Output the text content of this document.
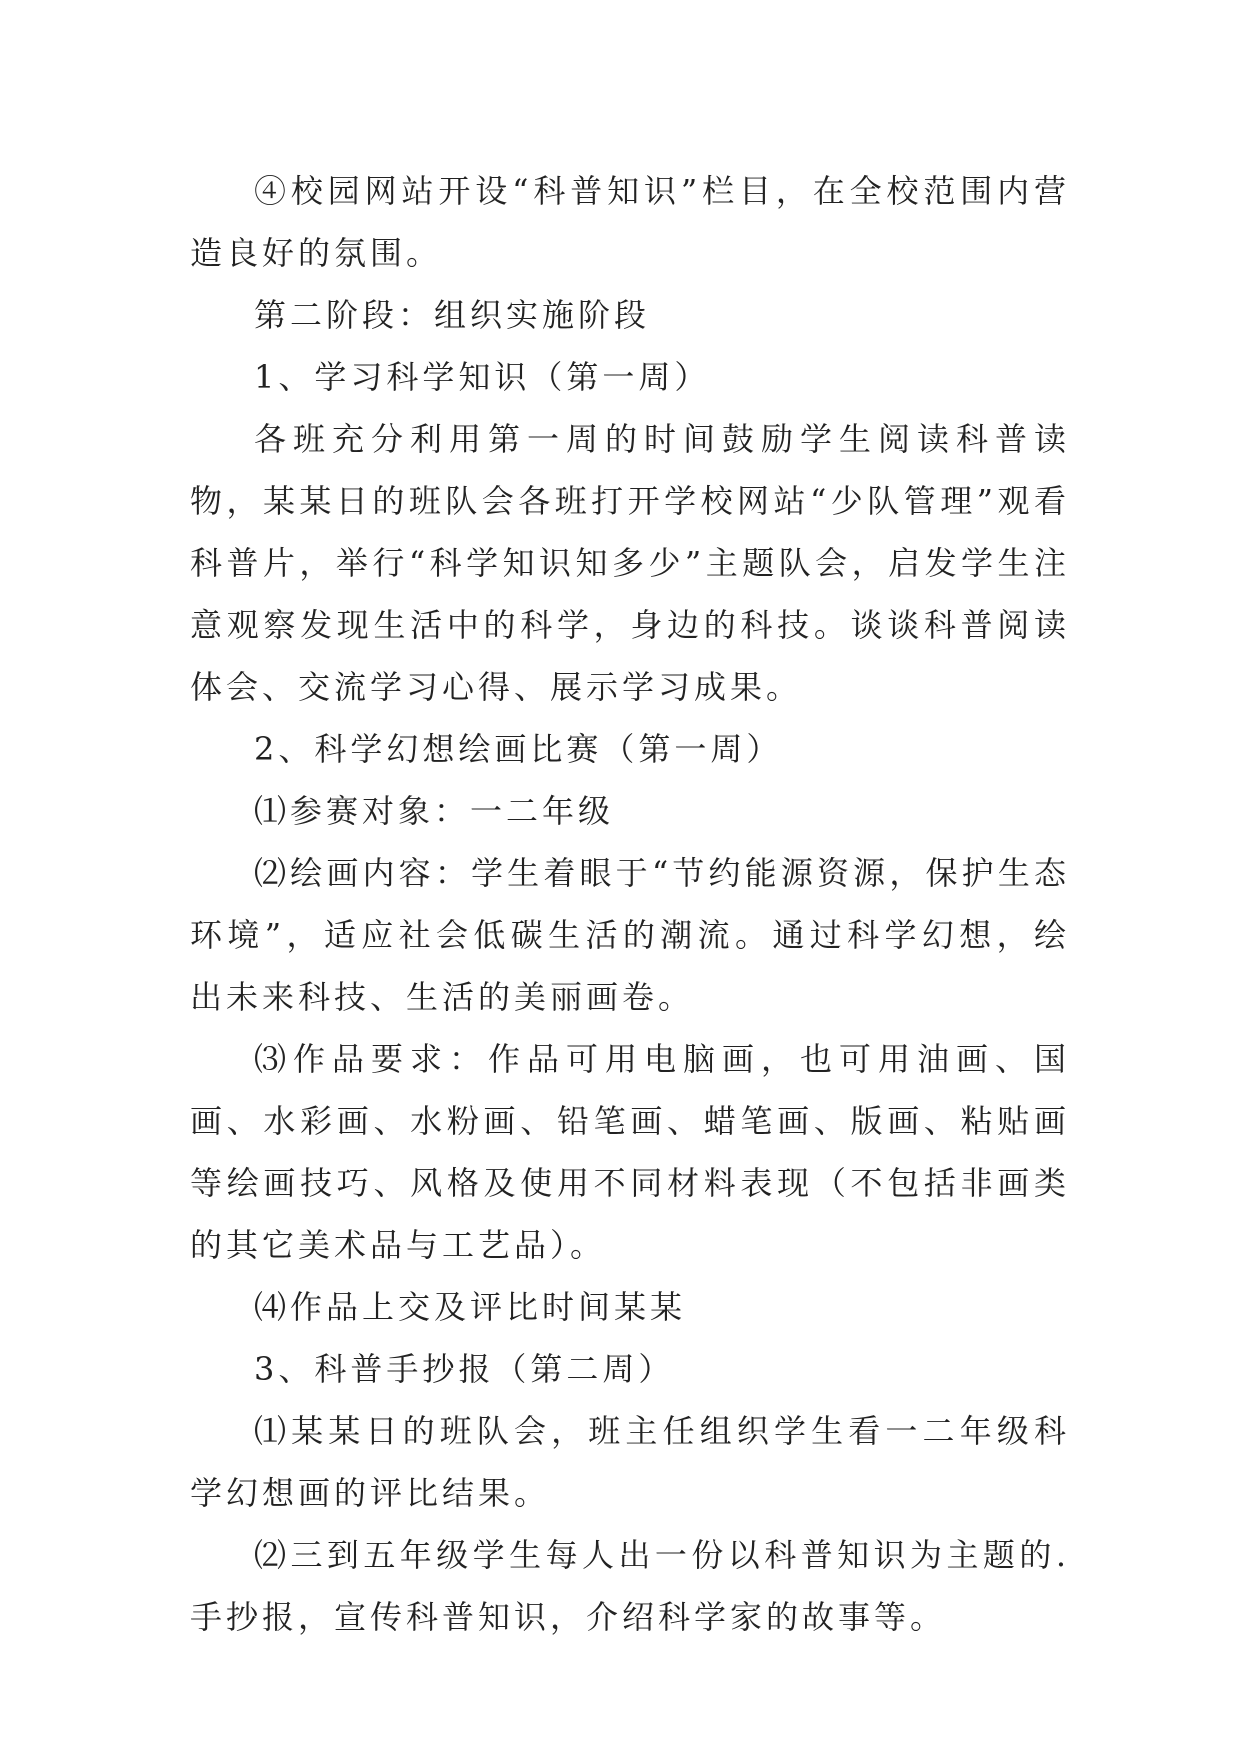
④校园网站开设“科普知识”栏目，在全校范围内营造良好的氛围。

第二阶段：组织实施阶段

1、学习科学知识（第一周）

各班充分利用第一周的时间鼓励学生阅读科普读物，某某日的班队会各班打开学校网站“少队管理”观看科普片，举行“科学知识知多少”主题队会，启发学生注意观察发现生活中的科学，身边的科技。谈谈科普阅读体会、交流学习心得、展示学习成果。

2、科学幻想绘画比赛（第一周）

⑴参赛对象：一二年级

⑵绘画内容：学生着眼于“节约能源资源，保护生态环境”，适应社会低碳生活的潮流。通过科学幻想，绘出未来科技、生活的美丽画卷。

⑶作品要求：作品可用电脑画，也可用油画、国画、水彩画、水粉画、铅笔画、蜡笔画、版画、粘贴画等绘画技巧、风格及使用不同材料表现（不包括非画类的其它美术品与工艺品）。

⑷作品上交及评比时间某某

3、科普手抄报（第二周）

⑴某某日的班队会，班主任组织学生看一二年级科学幻想画的评比结果。

⑵三到五年级学生每人出一份以科普知识为主题的.手抄报，宣传科普知识，介绍科学家的故事等。
